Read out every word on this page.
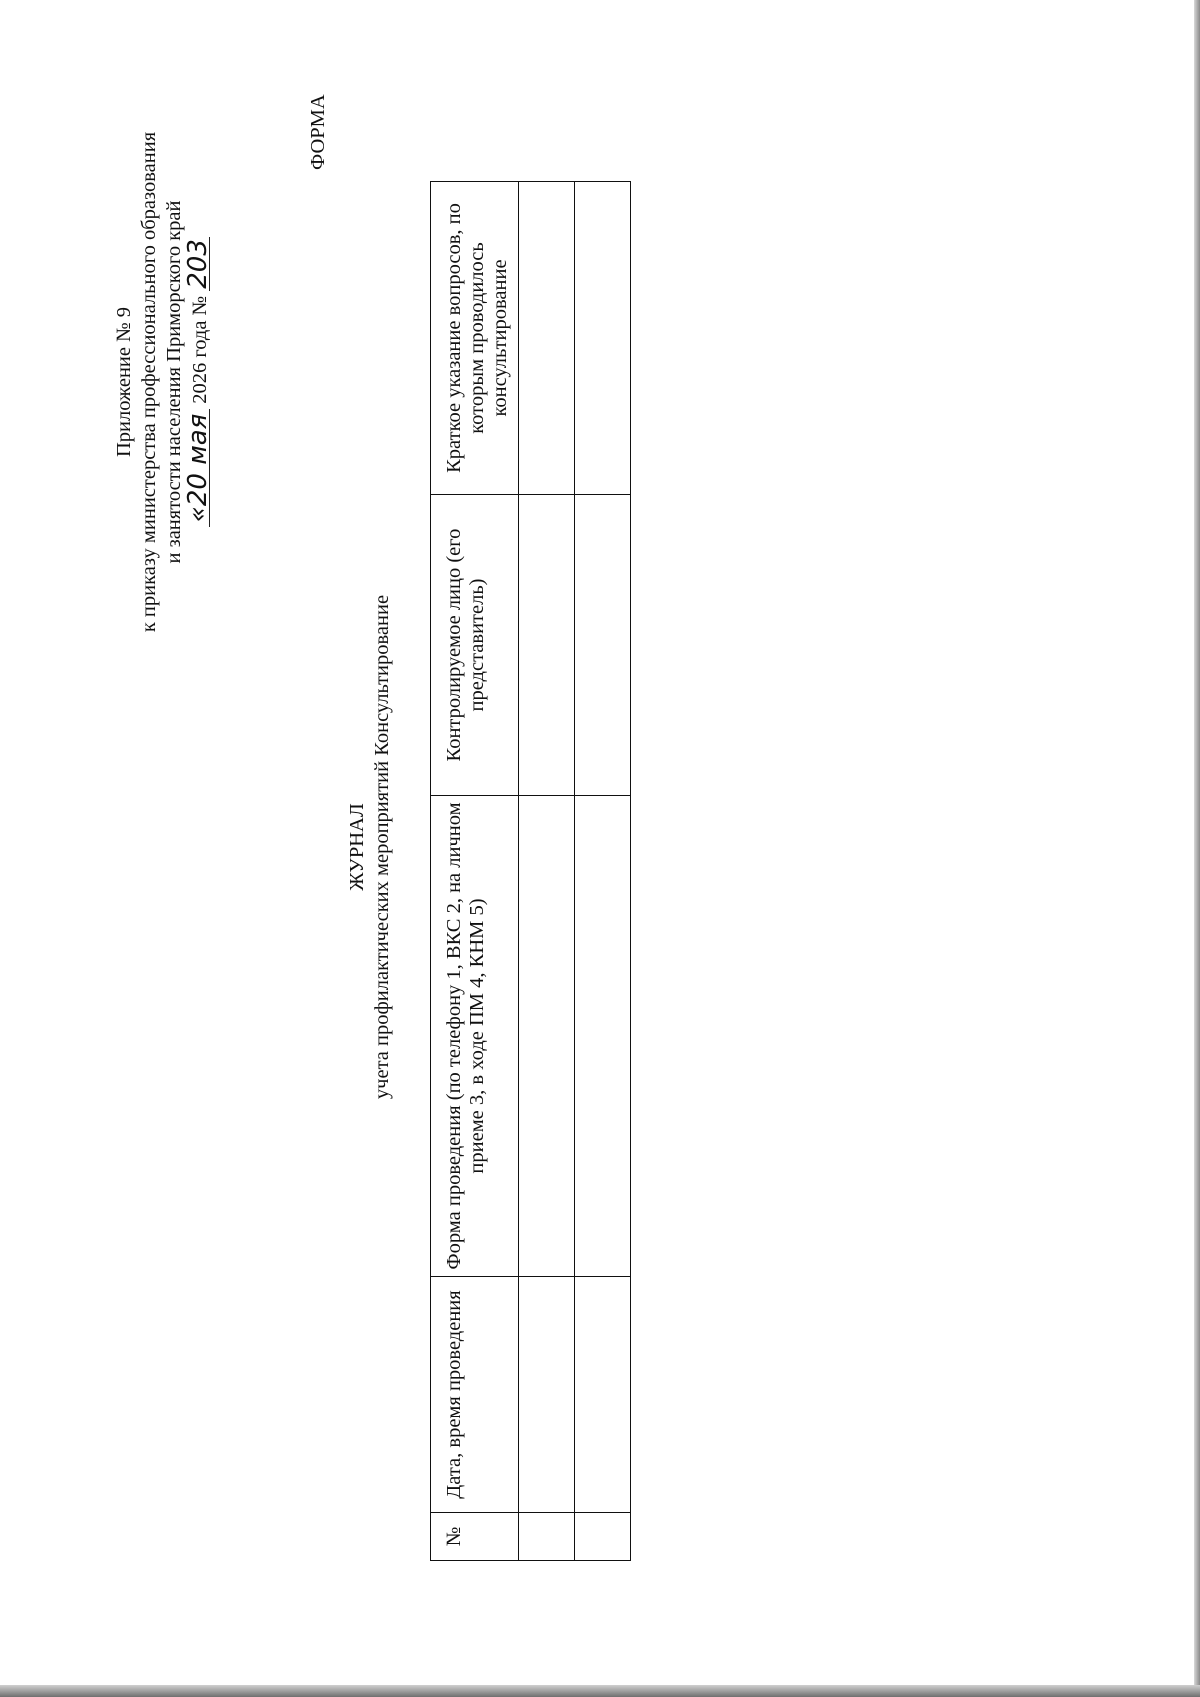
Приложение № 9 к приказу министерства профессионального образования и занятости населения Приморского край
«20 мая 2026 года № 203
ФОРМА
ЖУРНАЛ учета профилактических мероприятий Консультирование
№	Дата, время проведения	Форма проведения (по телефону 1, ВКС 2, на личном приеме 3, в ходе ПМ 4, КНМ 5)	Контролируемое лицо (его представитель)	Краткое указание вопросов, по которым проводилось консультирование
